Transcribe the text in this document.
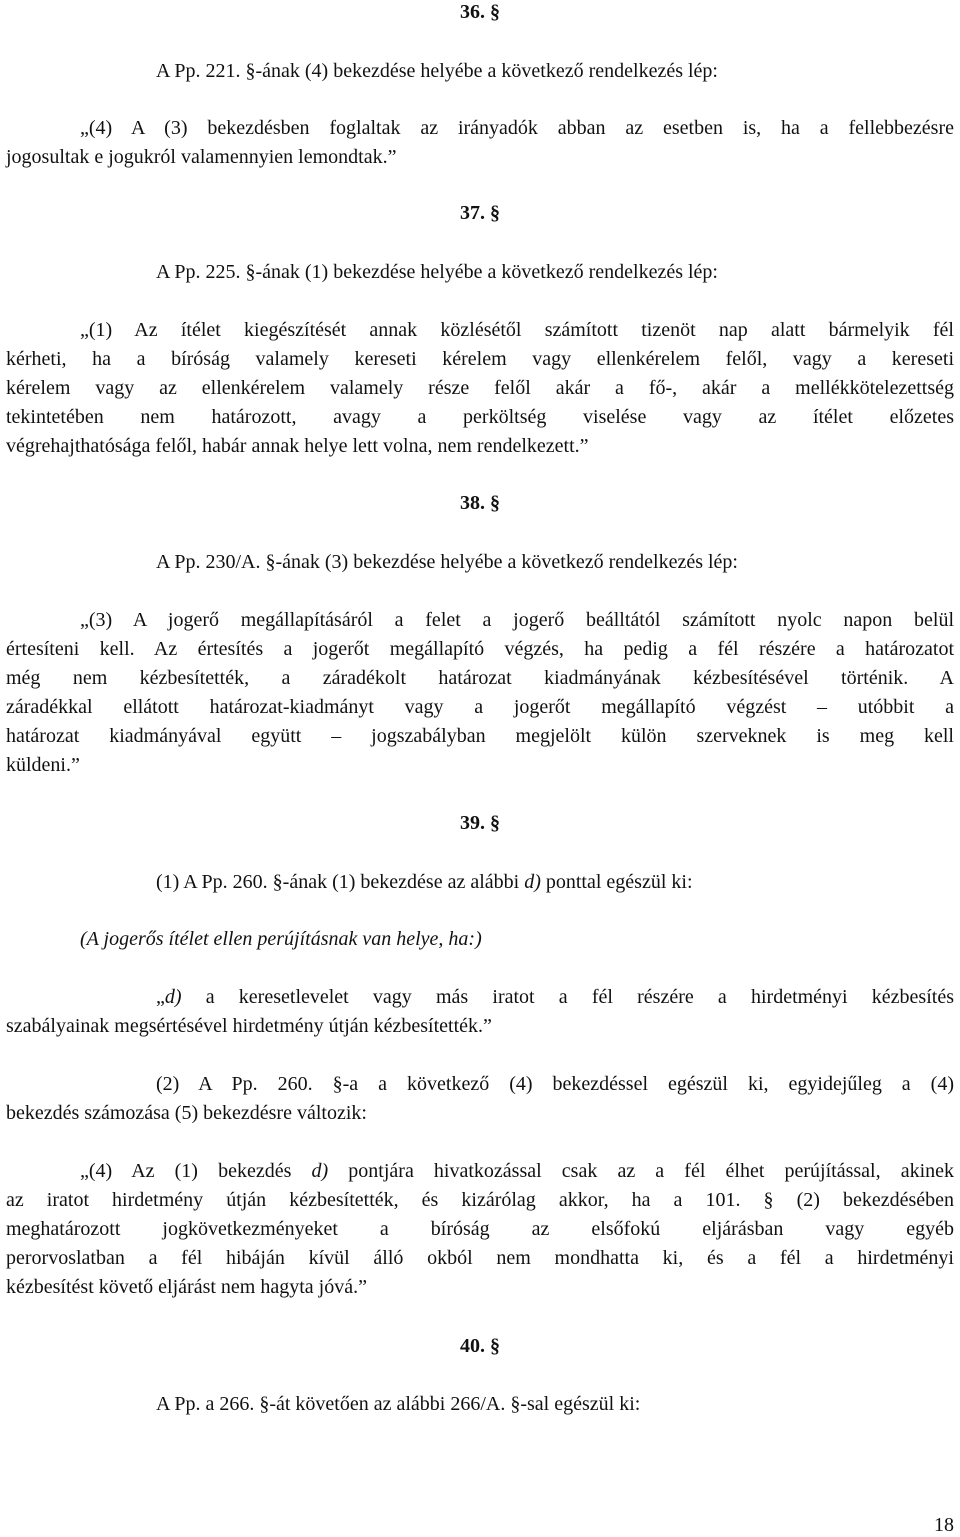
36. §
A Pp. 221. §-ának (4) bekezdése helyébe a következő rendelkezés lép:
„(4) A (3) bekezdésben foglaltak az irányadók abban az esetben is, ha a fellebbezésre
jogosultak e jogukról valamennyien lemondtak.”
37. §
A Pp. 225. §-ának (1) bekezdése helyébe a következő rendelkezés lép:
„(1) Az ítélet kiegészítését annak közlésétől számított tizenöt nap alatt bármelyik fél
kérheti, ha a bíróság valamely kereseti kérelem vagy ellenkérelem felől, vagy a kereseti
kérelem vagy az ellenkérelem valamely része felől akár a fő-, akár a mellékkötelezettség
tekintetében nem határozott, avagy a perköltség viselése vagy az ítélet előzetes
végrehajthatósága felől, habár annak helye lett volna, nem rendelkezett.”
38. §
A Pp. 230/A. §-ának (3) bekezdése helyébe a következő rendelkezés lép:
„(3) A jogerő megállapításáról a felet a jogerő beálltától számított nyolc napon belül
értesíteni kell. Az értesítés a jogerőt megállapító végzés, ha pedig a fél részére a határozatot
még nem kézbesítették, a záradékolt határozat kiadmányának kézbesítésével történik. A
záradékkal ellátott határozat-kiadmányt vagy a jogerőt megállapító végzést – utóbbit a
határozat kiadmányával együtt – jogszabályban megjelölt külön szerveknek is meg kell
küldeni.”
39. §
(1) A Pp. 260. §-ának (1) bekezdése az alábbi d) ponttal egészül ki:
(A jogerős ítélet ellen perújításnak van helye, ha:)
„d) a keresetlevelet vagy más iratot a fél részére a hirdetményi kézbesítés
szabályainak megsértésével hirdetmény útján kézbesítették.”
(2) A Pp. 260. §-a a következő (4) bekezdéssel egészül ki, egyidejűleg a (4)
bekezdés számozása (5) bekezdésre változik:
„(4) Az (1) bekezdés d) pontjára hivatkozással csak az a fél élhet perújítással, akinek
az iratot hirdetmény útján kézbesítették, és kizárólag akkor, ha a 101. § (2) bekezdésében
meghatározott jogkövetkezményeket a bíróság az elsőfokú eljárásban vagy egyéb
perorvoslatban a fél hibáján kívül álló okból nem mondhatta ki, és a fél a hirdetményi
kézbesítést követő eljárást nem hagyta jóvá.”
40. §
A Pp. a 266. §-át követően az alábbi 266/A. §-sal egészül ki:
18
